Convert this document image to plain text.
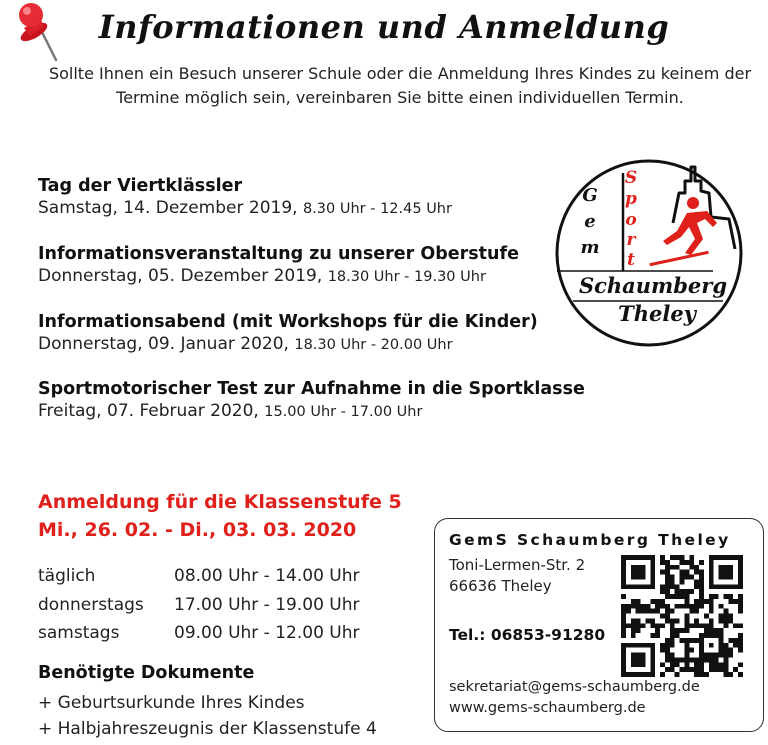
Informationen und Anmeldung
Sollte Ihnen ein Besuch unserer Schule oder die Anmeldung Ihres Kindes zu keinem der Termine möglich sein, vereinbaren Sie bitte einen individuellen Termin.
Tag der Viertklässler
Samstag, 14. Dezember 2019, 8.30 Uhr - 12.45 Uhr
Informationsveranstaltung zu unserer Oberstufe
Donnerstag, 05. Dezember 2019, 18.30 Uhr - 19.30 Uhr
Informationsabend (mit Workshops für die Kinder)
Donnerstag, 09. Januar 2020, 18.30 Uhr - 20.00 Uhr
Sportmotorischer Test zur Aufnahme in die Sportklasse
Freitag, 07. Februar 2020, 15.00 Uhr - 17.00 Uhr
G
e
m
S
p
o
r
t
Schaumberg
Theley
Anmeldung für die Klassenstufe 5
Mi., 26. 02. - Di., 03. 03. 2020
täglich	08.00 Uhr - 14.00 Uhr
donnerstags	17.00 Uhr - 19.00 Uhr
samstags	09.00 Uhr - 12.00 Uhr
Benötigte Dokumente
+ Geburtsurkunde Ihres Kindes
+ Halbjahreszeugnis der Klassenstufe 4
GemS Schaumberg Theley
Toni-Lermen-Str. 2
66636 Theley
Tel.: 06853-91280
sekretariat@gems-schaumberg.de
www.gems-schaumberg.de
